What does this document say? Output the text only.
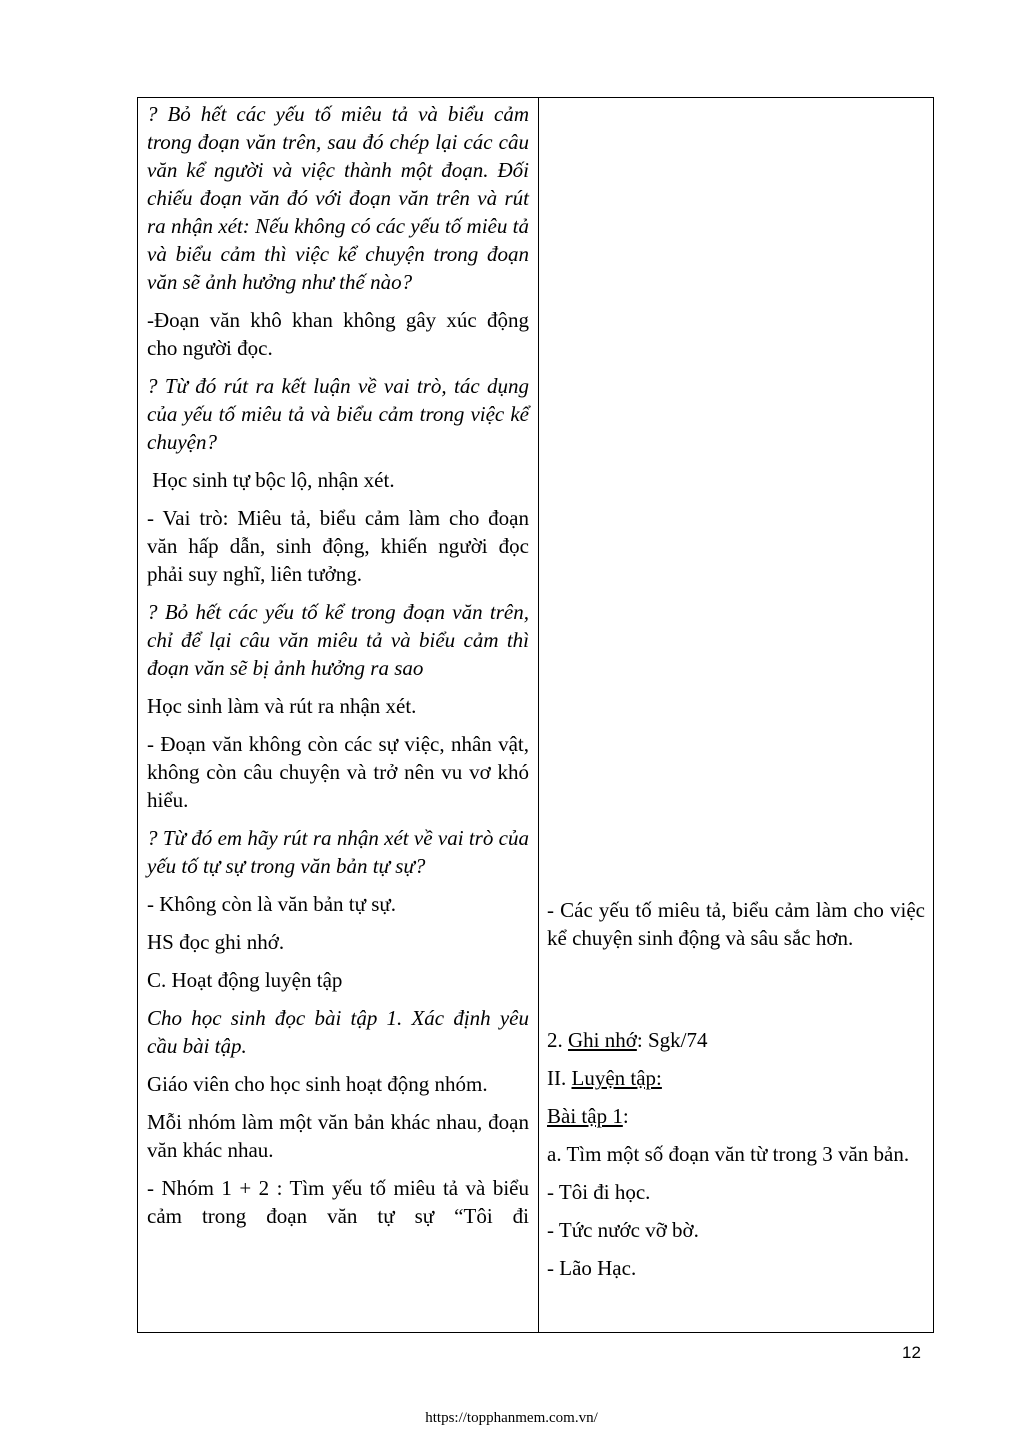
? Bỏ hết các yếu tố miêu tả và biểu cảm trong đoạn văn trên, sau đó chép lại các câu văn kể người và việc thành một đoạn. Đối chiếu đoạn văn đó với đoạn văn trên và rút ra nhận xét: Nếu không có các yếu tố miêu tả và biểu cảm thì việc kể chuyện trong đoạn văn sẽ ảnh hưởng như thế nào?

-Đoạn văn khô khan không gây xúc động cho người đọc.

? Từ đó rút ra kết luận về vai trò, tác dụng của yếu tố miêu tả và biểu cảm trong việc kể chuyện?

Học sinh tự bộc lộ, nhận xét.

- Vai trò: Miêu tả, biểu cảm làm cho đoạn văn hấp dẫn, sinh động, khiến người đọc phải suy nghĩ, liên tưởng.

? Bỏ hết các yếu tố kể trong đoạn văn trên, chỉ để lại câu văn miêu tả và biểu cảm thì đoạn văn sẽ bị ảnh hưởng ra sao

Học sinh làm và rút ra nhận xét.

- Đoạn văn không còn các sự việc, nhân vật, không còn câu chuyện và trở nên vu vơ khó hiểu.

? Từ đó em hãy rút ra nhận xét về vai trò của yếu tố tự sự trong văn bản tự sự?

- Không còn là văn bản tự sự.

HS đọc ghi nhớ.

C. Hoạt động luyện tập

Cho học sinh đọc bài tập 1. Xác định yêu cầu bài tập.

Giáo viên cho học sinh hoạt động nhóm.

Mỗi nhóm làm một văn bản khác nhau, đoạn văn khác nhau.

- Nhóm 1 + 2 : Tìm yếu tố miêu tả và biểu cảm trong đoạn văn tự sự “Tôi đi

- Các yếu tố miêu tả, biểu cảm làm cho việc kể chuyện sinh động và sâu sắc hơn.

2. Ghi nhớ: Sgk/74

II. Luyện tập:

Bài tập 1:

a. Tìm một số đoạn văn từ trong 3 văn bản.

- Tôi đi học.

- Tức nước vỡ bờ.

- Lão Hạc.

12
https://topphanmem.com.vn/
